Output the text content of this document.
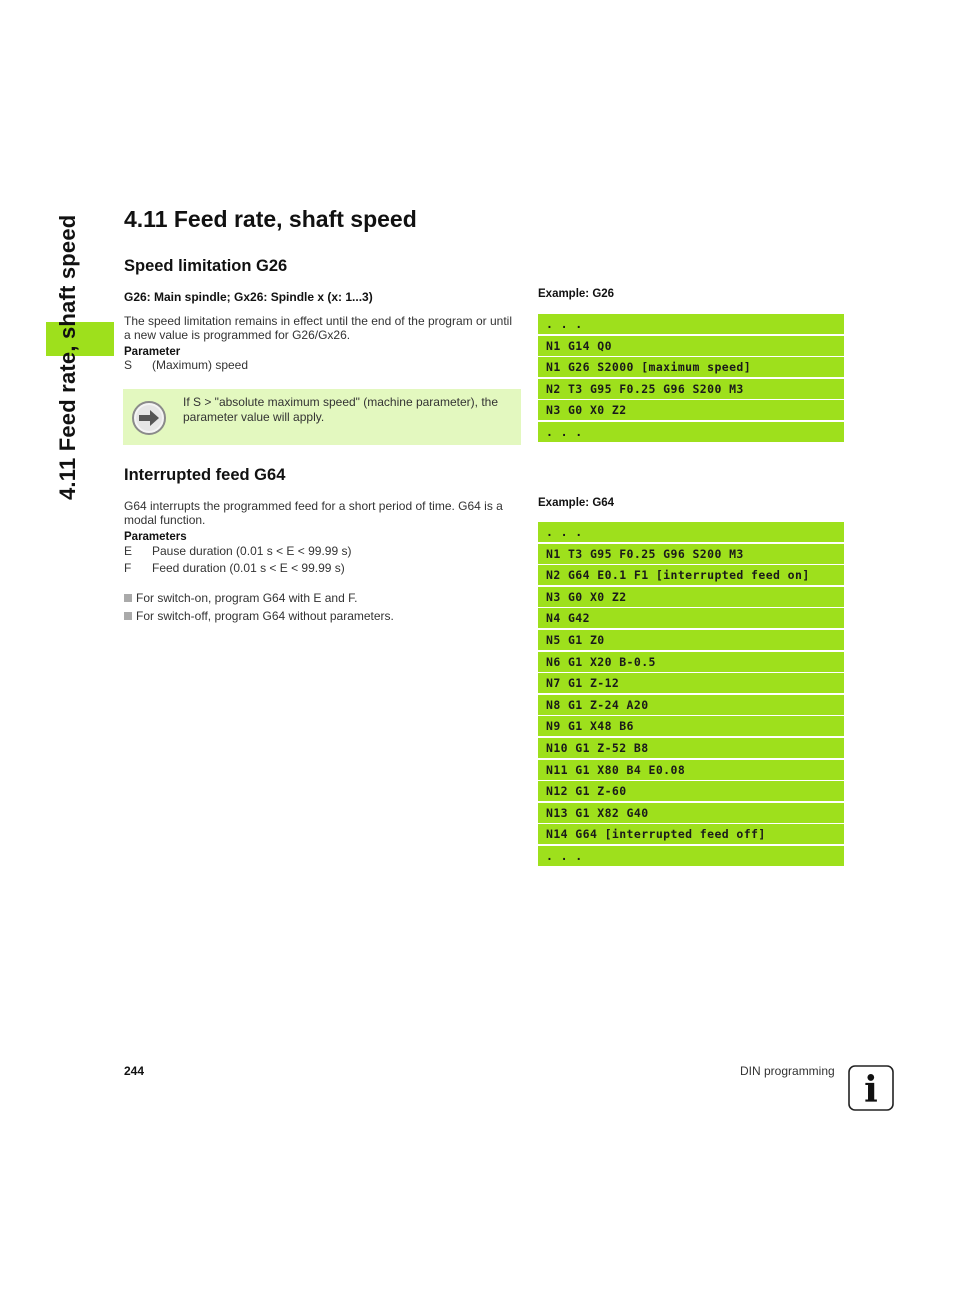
4.11 Feed rate, shaft speed	4.11 Feed rate, shaft speed
Speed limitation G26
G26: Main spindle; Gx26: Spindle x (x: 1...3)
The speed limitation remains in effect until the end of the program or until a new value is programmed for G26/Gx26.
Parameter
S (Maximum) speed
If S > "absolute maximum speed" (machine parameter), the parameter value will apply.
Example: G26
. . .
N1 G14 Q0
N1 G26 S2000 [maximum speed]
N2 T3 G95 F0.25 G96 S200 M3
N3 G0 X0 Z2
. . .
Interrupted feed G64
G64 interrupts the programmed feed for a short period of time. G64 is a modal function.
Parameters
E Pause duration (0.01 s < E < 99.99 s)
F Feed duration (0.01 s < E < 99.99 s)
For switch-on, program G64 with E and F.
For switch-off, program G64 without parameters.
Example: G64
. . .
N1 T3 G95 F0.25 G96 S200 M3
N2 G64 E0.1 F1 [interrupted feed on]
N3 G0 X0 Z2
N4 G42
N5 G1 Z0
N6 G1 X20 B-0.5
N7 G1 Z-12
N8 G1 Z-24 A20
N9 G1 X48 B6
N10 G1 Z-52 B8
N11 G1 X80 B4 E0.08
N12 G1 Z-60
N13 G1 X82 G40
N14 G64 [interrupted feed off]
. . .
244	DIN programming i
